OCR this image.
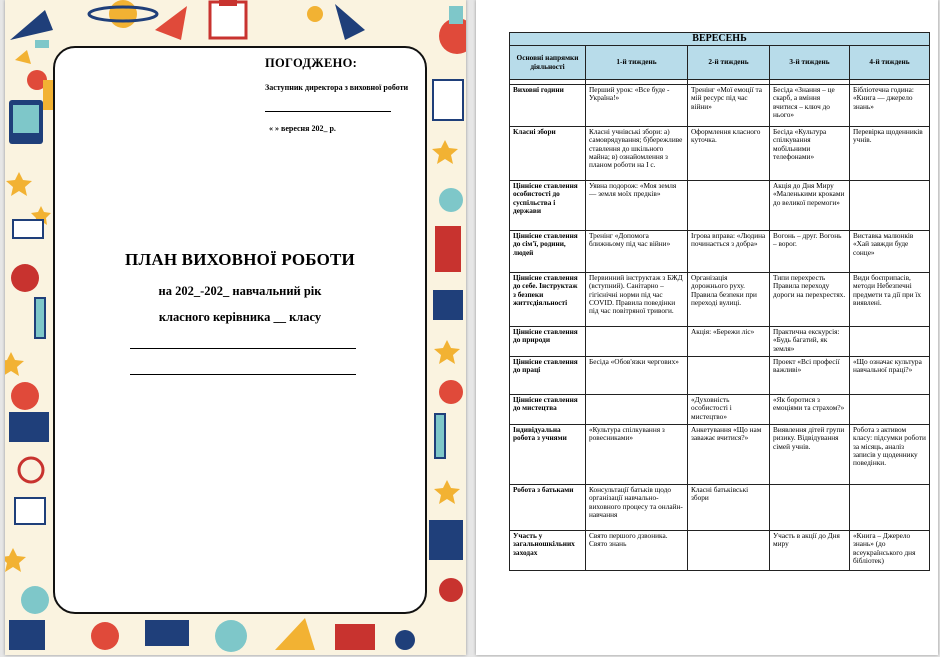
ПОГОДЖЕНО:
Заступник директора з виховної роботи
« » вересня 202_ р.
ПЛАН ВИХОВНОЇ РОБОТИ
на 202_-202_ навчальний рік
класного керівника __ класу
ВЕРЕСЕНЬ				
Основні напрямки діяльності	1-й тиждень	2-й тиждень	3-й тиждень	4-й тиждень

Виховні години	Перший урок: «Все буде - Україна!»	Тренінг «Мої емоції та мій ресурс під час війни»	Бесіда «Знання – це скарб, а вміння вчитися – ключ до нього»	Бібліотечна година: «Книга — джерело знань»
Класні збори	Класні учнівські збори: а) самоврядування; б)бережливе ставлення до шкільного майна; в) ознайомлення з планом роботи на І с.	Оформлення класного куточка.	Бесіда «Культура спілкування мобільними телефонами»	Перевірка щоденників учнів.
Ціннісне ставлення особистості до суспільства і держави	Уявна подорож: «Моя земля — земля моїх предків»		Акція до Дня Миру «Маленькими кроками до великої перемоги»	
Ціннісне ставлення до сім'ї, родини, людей	Тренінг «Допомога ближньому під час війни»	Ігрова вправа: «Людина починається з добра»	Вогонь – друг. Вогонь – ворог.	Виставка малюнків «Хай завжди буде сонце»
Ціннісне ставлення до себе. Інструктаж з безпеки життєдіяльності	Первинний інструктаж з БЖД (вступний). Санітарно – гігієнічні норми під час COVID. Правила поведінки під час повітряної тривоги.	Організація дорожнього руху. Правила безпеки при переході вулиці.	Типи перехресть Правила переходу дороги на перехрестях.	Види боєприпасів, методи Небезпечні предмети та дії при їх виявлені.
Ціннісне ставлення до природи		Акція: «Бережи ліс»	Практична екскурсія: «Будь багатий, як земля»	
Ціннісне ставлення до праці	Бесіда «Обов'язки чергових»		Проект «Всі професії важливі»	«Що означає культура навчальної праці?»
Ціннісне ставлення до мистецтва		«Духовність особистості і мистецтво»	«Як боротися з емоціями та страхом?»	
Індивідуальна робота з учнями	«Культура спілкування з ровесниками»	Анкетування «Що нам заважає вчитися?»	Виявлення дітей групи ризику. Відвідування сімей учнів.	Робота з активом класу: підсумки роботи за місяць, аналіз записів у щоденнику поведінки.
Робота з батьками	Консультації батьків щодо організації навчально-виховного процесу та онлайн-навчання	Класні батьківські збори		
Участь у загальношкільних заходах	Свято першого дзвоника. Свято знань		Участь в акції до Дня миру	«Книга – Джерело знань» (до всеукраїнського дня бібліотек)
